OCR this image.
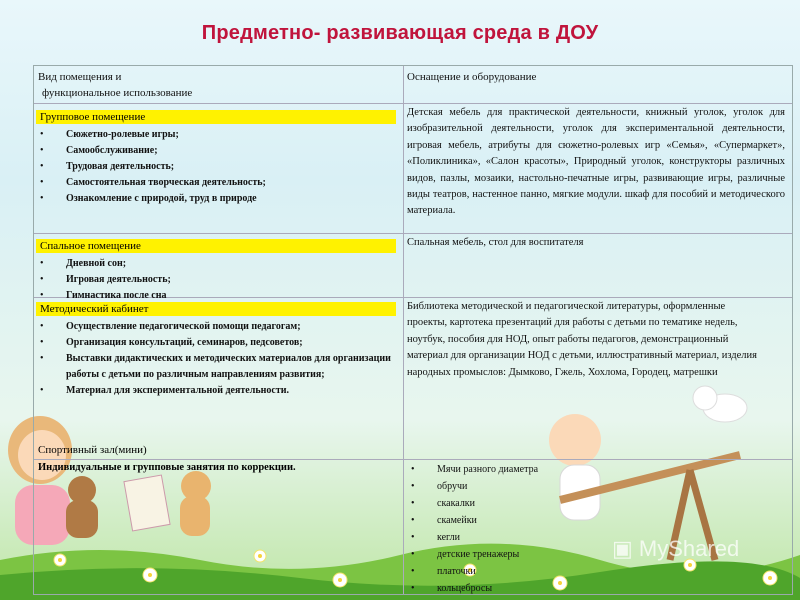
Предметно- развивающая среда в ДОУ
Вид помещения и
функциональное использование
Оснащение и оборудование
Групповое помещение
• Сюжетно-ролевые игры;
• Самообслуживание;
• Трудовая деятельность;
• Самостоятельная творческая деятельность;
• Ознакомление с природой, труд в природе
Детская мебель для практической деятельности, книжный уголок, уголок для изобразительной деятельности, уголок для экспериментальной деятельности, игровая мебель, атрибуты для сюжетно-ролевых игр «Семья», «Супермаркет», «Поликлиника», «Салон красоты», Природный уголок, конструкторы различных видов, пазлы, мозаики, настольно-печатные игры, развивающие игры, различные виды театров, настенное панно, мягкие модули. шкаф для пособий и методического материала.
Спальное помещение
• Дневной сон;
• Игровая деятельность;
• Гимнастика после сна
Спальная мебель, стол для воспитателя
Методический кабинет
• Осуществление педагогической помощи педагогам;
• Организация консультаций, семинаров, педсоветов;
• Выставки дидактических и методических материалов для организации работы с детьми по различным направлениям развития;
• Материал для экспериментальной деятельности.
Библиотека методической и педагогической литературы, оформленные проекты, картотека презентаций для работы с детьми по тематике недель, ноутбук, пособия для НОД, опыт работы педагогов, демонстрационный материал для организации НОД с детьми, иллюстративный материал, изделия народных промыслов: Дымково, Гжель, Хохлома, Городец, матрешки
Спортивный зал(мини)
Индивидуальные и групповые занятия по коррекции.
•	Мячи разного диаметра
• обручи
• скакалки
• скамейки
• кегли
• детские тренажеры
• платочки
• кольцебросы
▣ MyShared
